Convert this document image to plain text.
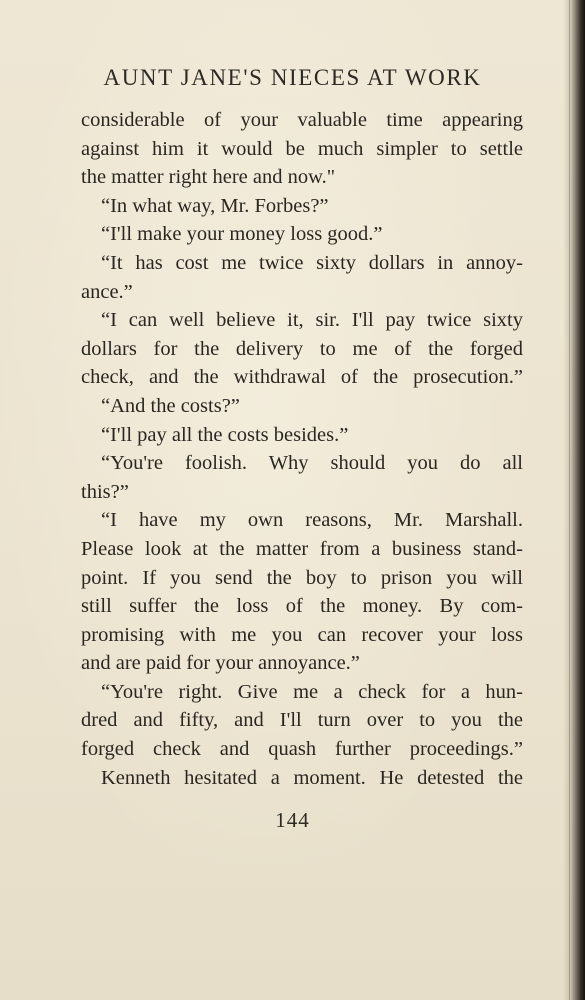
AUNT JANE'S NIECES AT WORK
considerable of your valuable time appearing
against him it would be much simpler to settle
the matter right here and now."
“In what way, Mr. Forbes?”
“I'll make your money loss good.”
“It has cost me twice sixty dollars in annoy-
ance.”
“I can well believe it, sir. I'll pay twice sixty
dollars for the delivery to me of the forged
check, and the withdrawal of the prosecution.”
“And the costs?”
“I'll pay all the costs besides.”
“You're foolish. Why should you do all
this?”
“I have my own reasons, Mr. Marshall.
Please look at the matter from a business stand-
point. If you send the boy to prison you will
still suffer the loss of the money. By com-
promising with me you can recover your loss
and are paid for your annoyance.”
“You're right. Give me a check for a hun-
dred and fifty, and I'll turn over to you the
forged check and quash further proceedings.”
Kenneth hesitated a moment. He detested the
144
